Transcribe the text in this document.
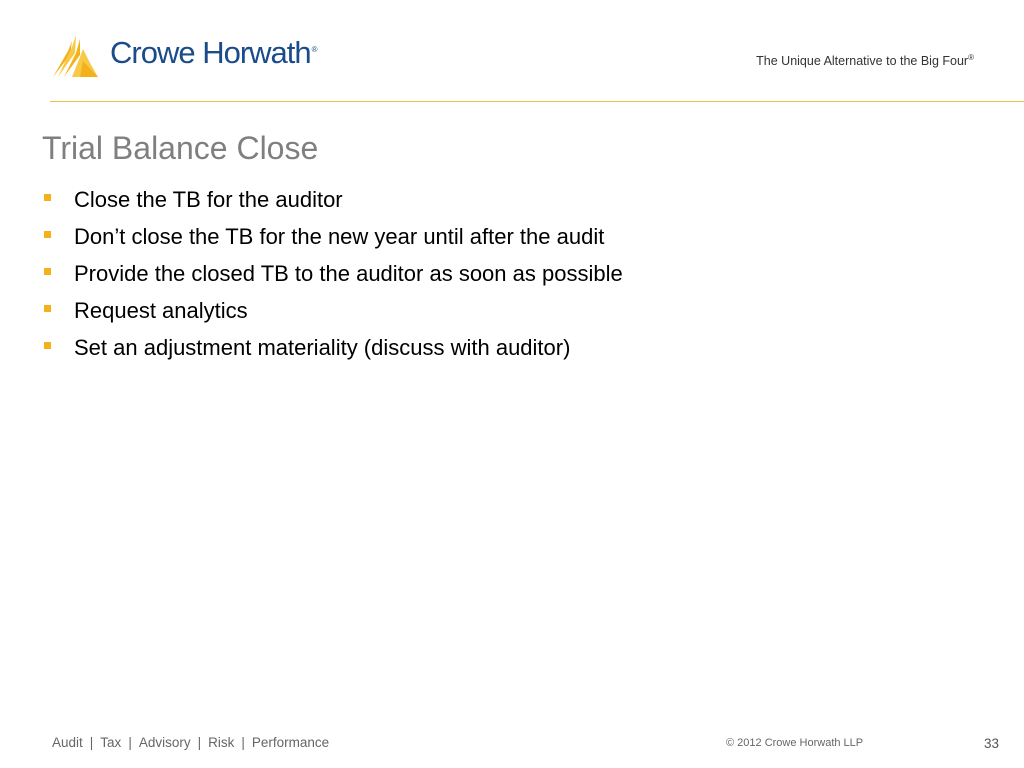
Crowe Horwath®
The Unique Alternative to the Big Four®
Trial Balance Close
Close the TB for the auditor
Don’t close the TB for the new year until after the audit
Provide the closed TB to the auditor as soon as possible
Request analytics
Set an adjustment materiality (discuss with auditor)
Audit | Tax | Advisory | Risk | Performance	© 2012 Crowe Horwath LLP	33
